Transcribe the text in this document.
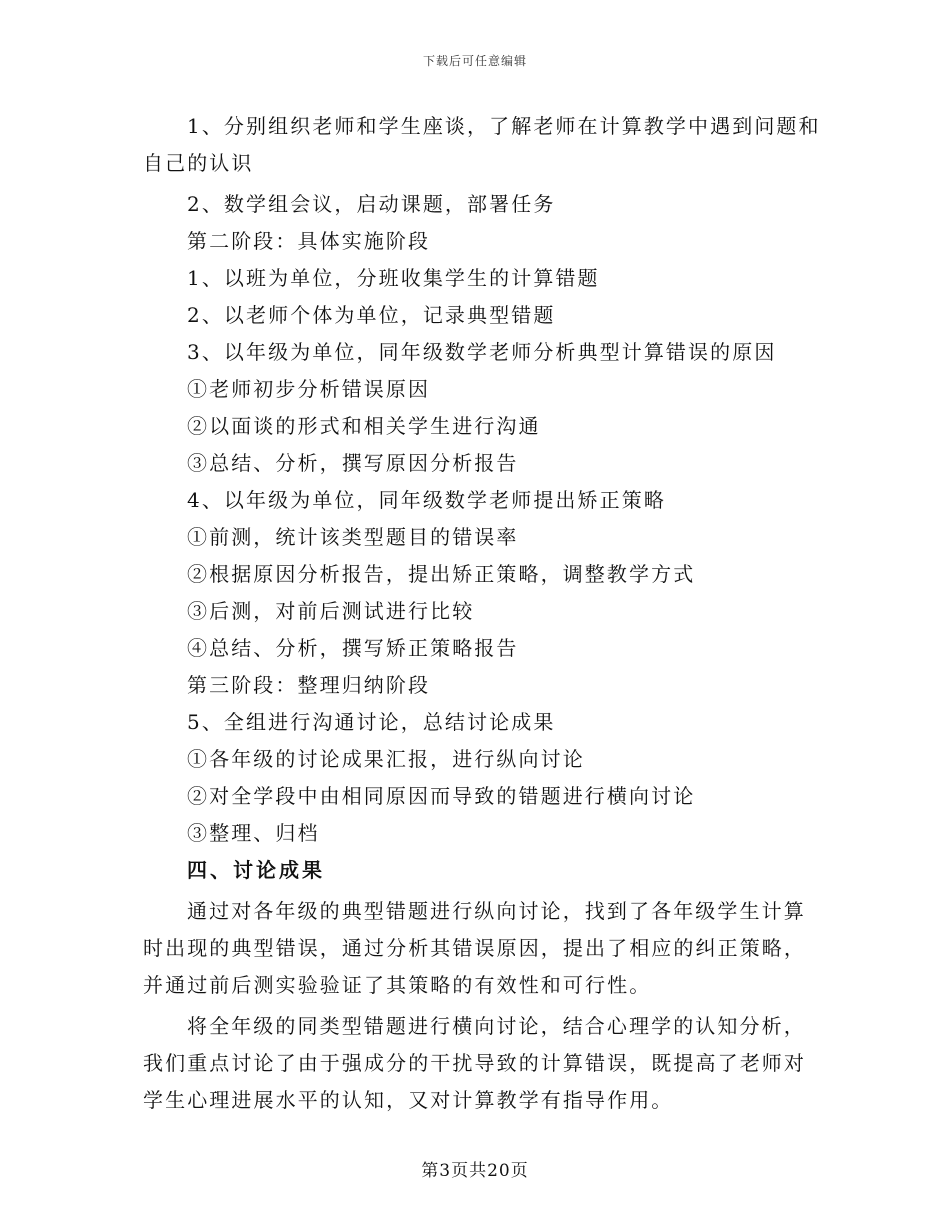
下载后可任意编辑
1、分别组织老师和学生座谈，了解老师在计算教学中遇到问题和
自己的认识
2、数学组会议，启动课题，部署任务
第二阶段：具体实施阶段
1、以班为单位，分班收集学生的计算错题
2、以老师个体为单位，记录典型错题
3、以年级为单位，同年级数学老师分析典型计算错误的原因
①老师初步分析错误原因
②以面谈的形式和相关学生进行沟通
③总结、分析，撰写原因分析报告
4、以年级为单位，同年级数学老师提出矫正策略
①前测，统计该类型题目的错误率
②根据原因分析报告，提出矫正策略，调整教学方式
③后测，对前后测试进行比较
④总结、分析，撰写矫正策略报告
第三阶段：整理归纳阶段
5、全组进行沟通讨论，总结讨论成果
①各年级的讨论成果汇报，进行纵向讨论
②对全学段中由相同原因而导致的错题进行横向讨论
③整理、归档
四、讨论成果

通过对各年级的典型错题进行纵向讨论，找到了各年级学生计算时出现的典型错误，通过分析其错误原因，提出了相应的纠正策略，并通过前后测实验验证了其策略的有效性和可行性。

将全年级的同类型错题进行横向讨论，结合心理学的认知分析，我们重点讨论了由于强成分的干扰导致的计算错误，既提高了老师对学生心理进展水平的认知，又对计算教学有指导作用。

第3页共20页
